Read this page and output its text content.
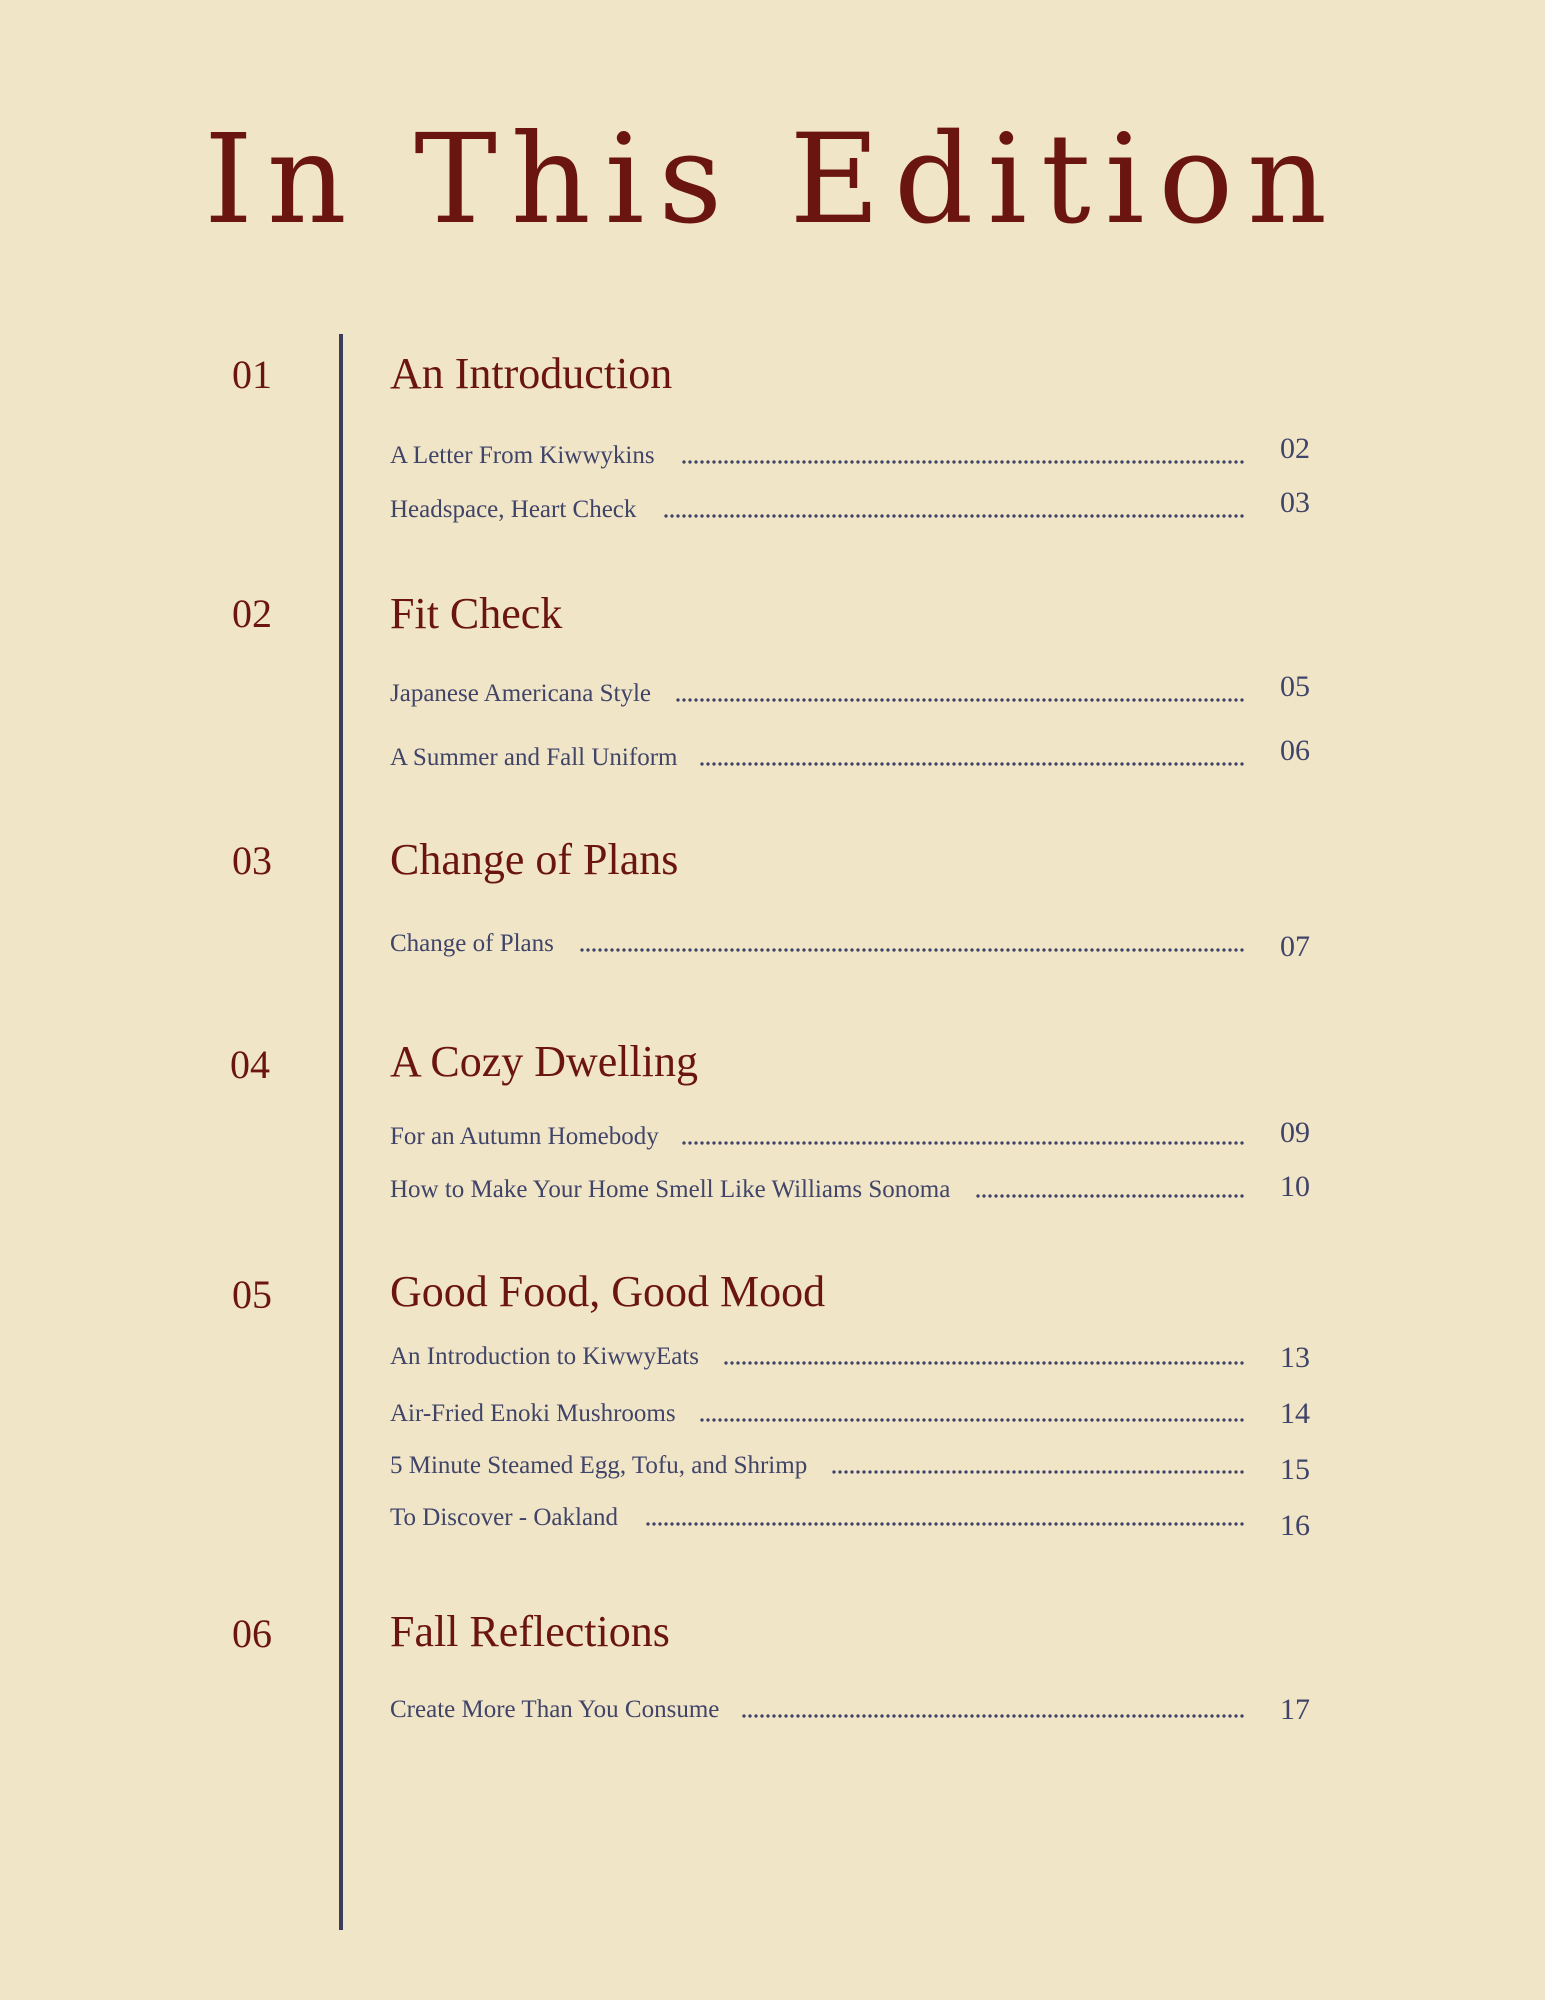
In This Edition
01	An Introduction
A Letter From Kiwwykins	02
Headspace, Heart Check	03
02	Fit Check
Japanese Americana Style	05
A Summer and Fall Uniform	06
03	Change of Plans
Change of Plans	07
04	A Cozy Dwelling
For an Autumn Homebody	09
How to Make Your Home Smell Like Williams Sonoma	10
05	Good Food, Good Mood
An Introduction to KiwwyEats	13
Air-Fried Enoki Mushrooms	14
5 Minute Steamed Egg, Tofu, and Shrimp	15
To Discover - Oakland	16
06	Fall Reflections
Create More Than You Consume	17
